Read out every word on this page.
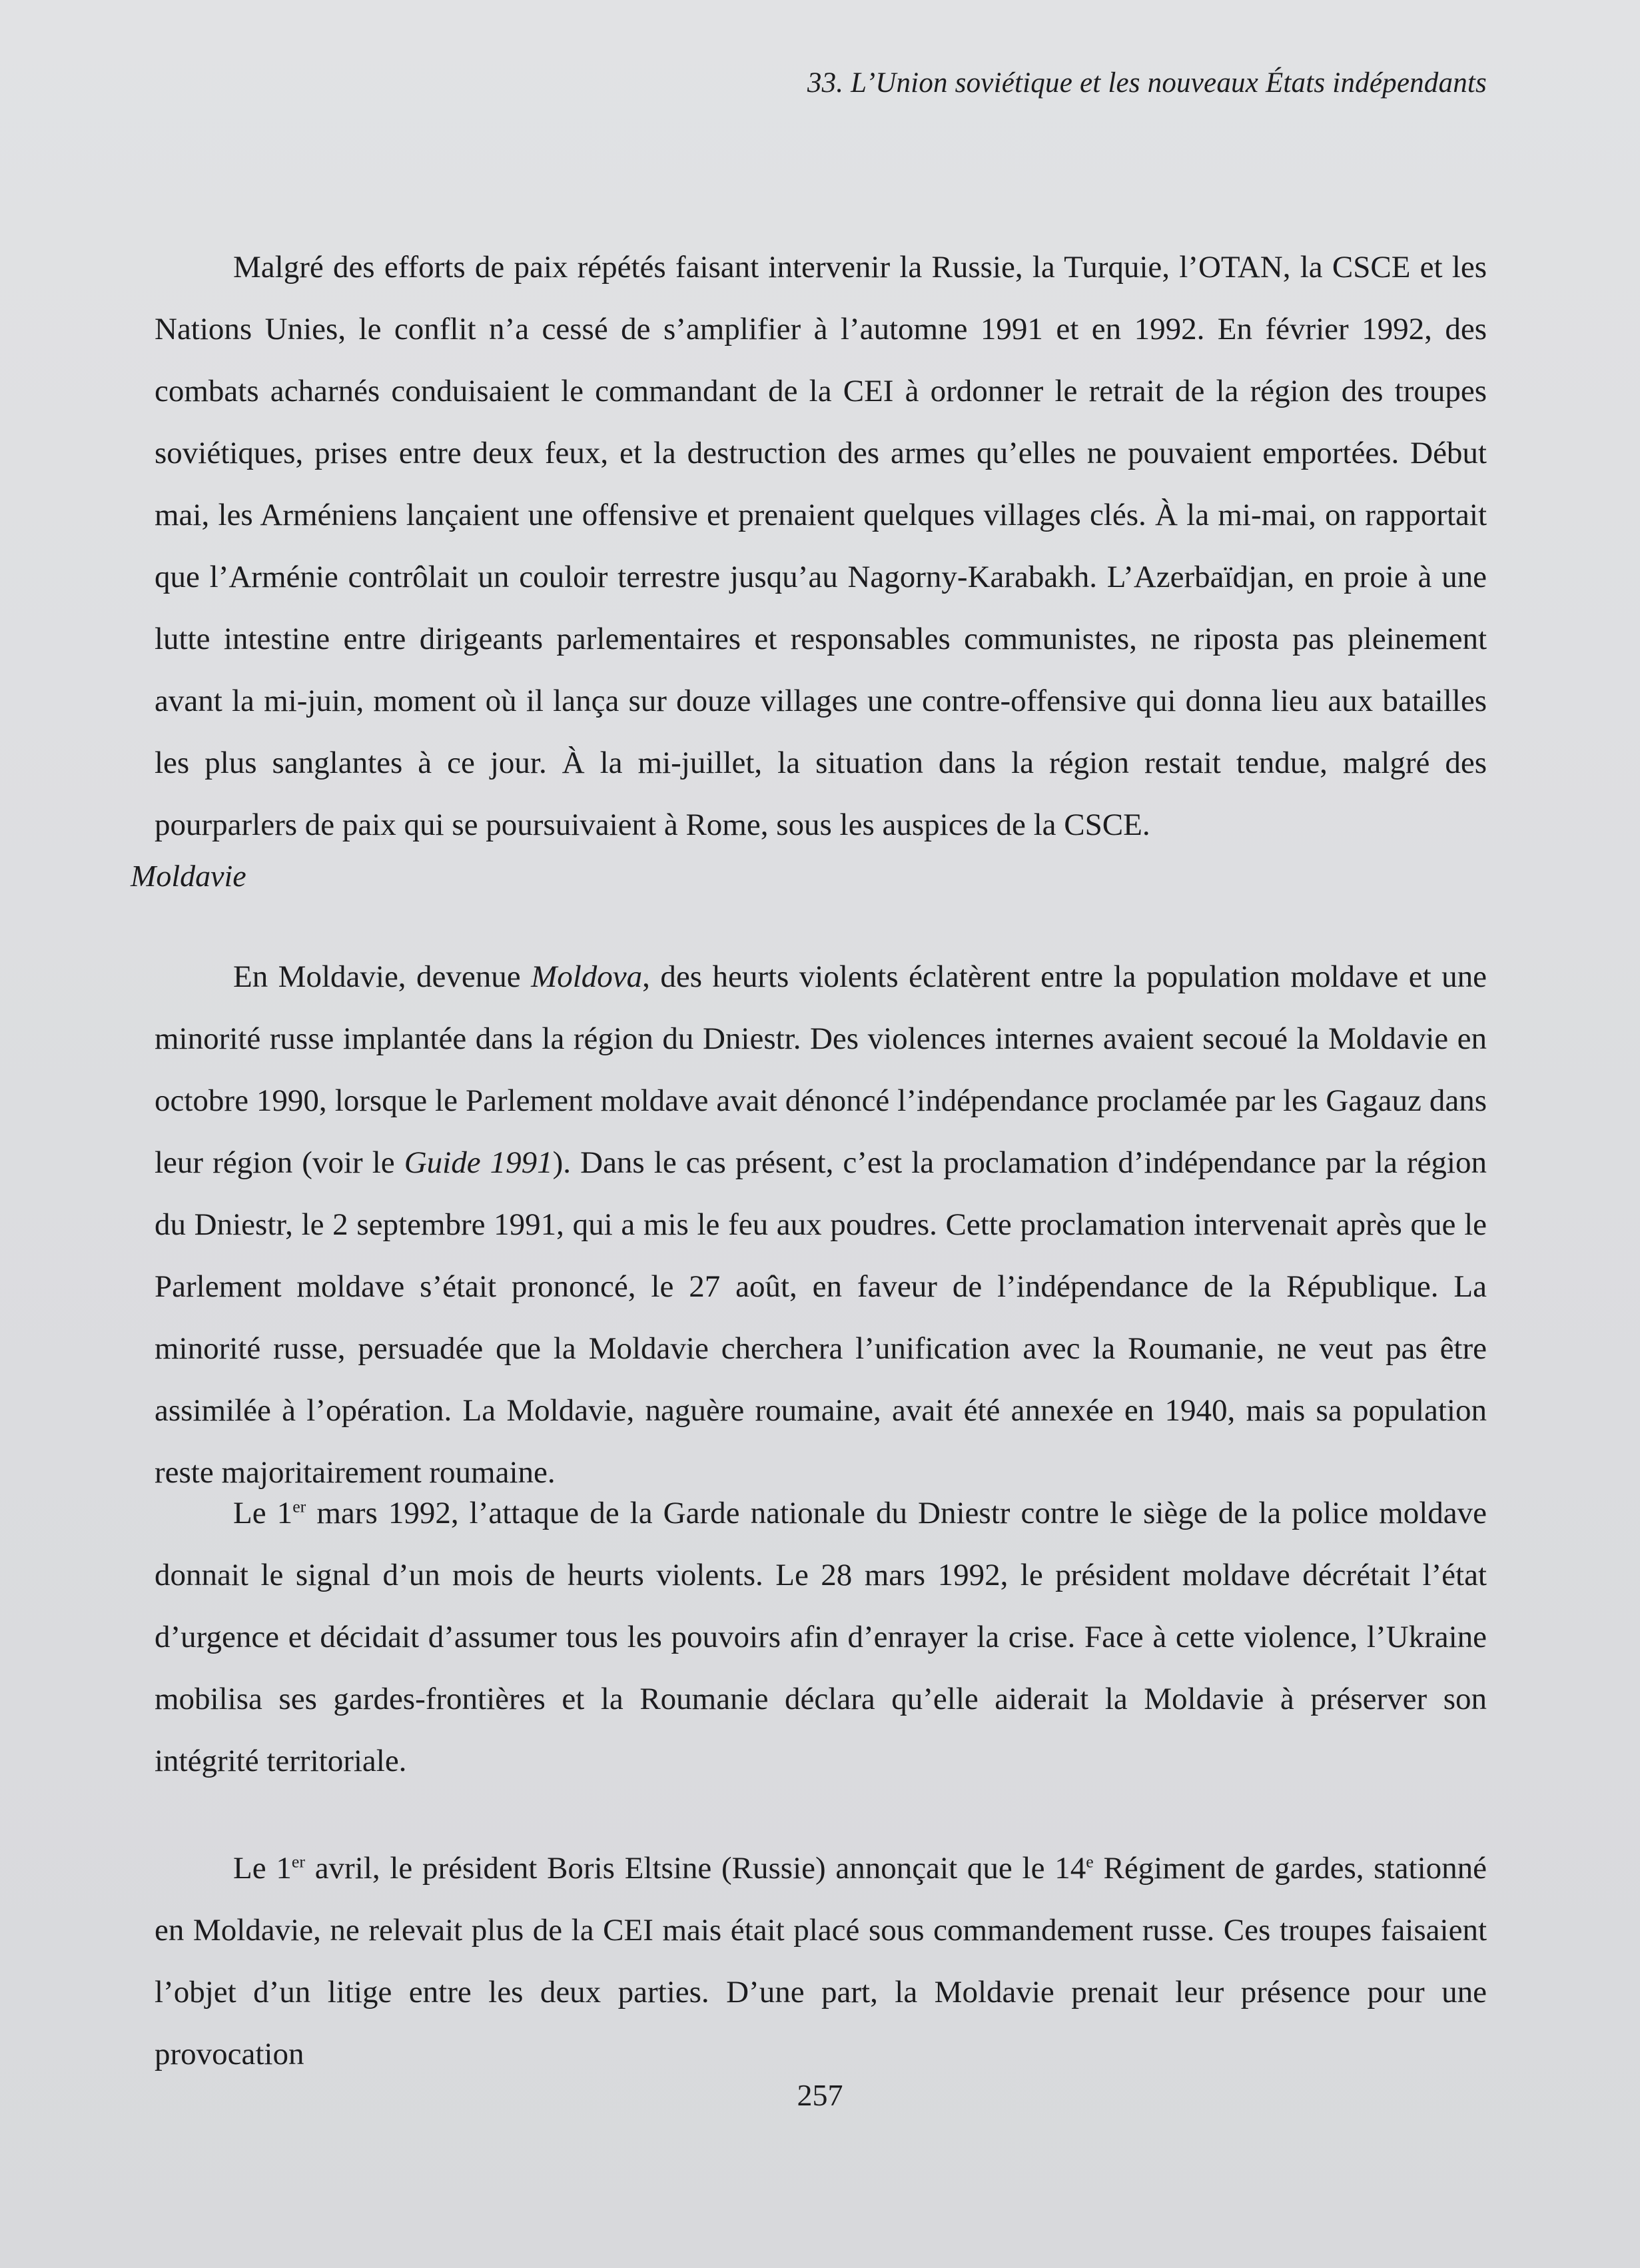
33. L’Union soviétique et les nouveaux États indépendants

Malgré des efforts de paix répétés faisant intervenir la Russie, la Turquie, l’OTAN, la CSCE et les Nations Unies, le conflit n’a cessé de s’amplifier à l’automne 1991 et en 1992. En février 1992, des combats acharnés conduisaient le commandant de la CEI à ordonner le retrait de la région des troupes soviétiques, prises entre deux feux, et la destruction des armes qu’elles ne pouvaient emportées. Début mai, les Arméniens lançaient une offensive et prenaient quelques villages clés. À la mi-mai, on rapportait que l’Arménie contrôlait un couloir terrestre jusqu’au Nagorny-Karabakh. L’Azerbaïdjan, en proie à une lutte intestine entre dirigeants parlementaires et responsables communistes, ne riposta pas pleinement avant la mi-juin, moment où il lança sur douze villages une contre-offensive qui donna lieu aux batailles les plus sanglantes à ce jour. À la mi-juillet, la situation dans la région restait tendue, malgré des pourparlers de paix qui se poursuivaient à Rome, sous les auspices de la CSCE.

Moldavie

En Moldavie, devenue Moldova, des heurts violents éclatèrent entre la population moldave et une minorité russe implantée dans la région du Dniestr. Des violences internes avaient secoué la Moldavie en octobre 1990, lorsque le Parlement moldave avait dénoncé l’indépendance proclamée par les Gagauz dans leur région (voir le Guide 1991). Dans le cas présent, c’est la proclamation d’indépendance par la région du Dniestr, le 2 septembre 1991, qui a mis le feu aux poudres. Cette proclamation intervenait après que le Parlement moldave s’était prononcé, le 27 août, en faveur de l’indépendance de la République. La minorité russe, persuadée que la Moldavie cherchera l’unification avec la Roumanie, ne veut pas être assimilée à l’opération. La Moldavie, naguère roumaine, avait été annexée en 1940, mais sa population reste majoritairement roumaine.

Le 1er mars 1992, l’attaque de la Garde nationale du Dniestr contre le siège de la police moldave donnait le signal d’un mois de heurts violents. Le 28 mars 1992, le président moldave décrétait l’état d’urgence et décidait d’assumer tous les pouvoirs afin d’enrayer la crise. Face à cette violence, l’Ukraine mobilisa ses gardes-frontières et la Roumanie déclara qu’elle aiderait la Moldavie à préserver son intégrité territoriale.

Le 1er avril, le président Boris Eltsine (Russie) annonçait que le 14e Régiment de gardes, stationné en Moldavie, ne relevait plus de la CEI mais était placé sous commandement russe. Ces troupes faisaient l’objet d’un litige entre les deux parties. D’une part, la Moldavie prenait leur présence pour une provocation

257
